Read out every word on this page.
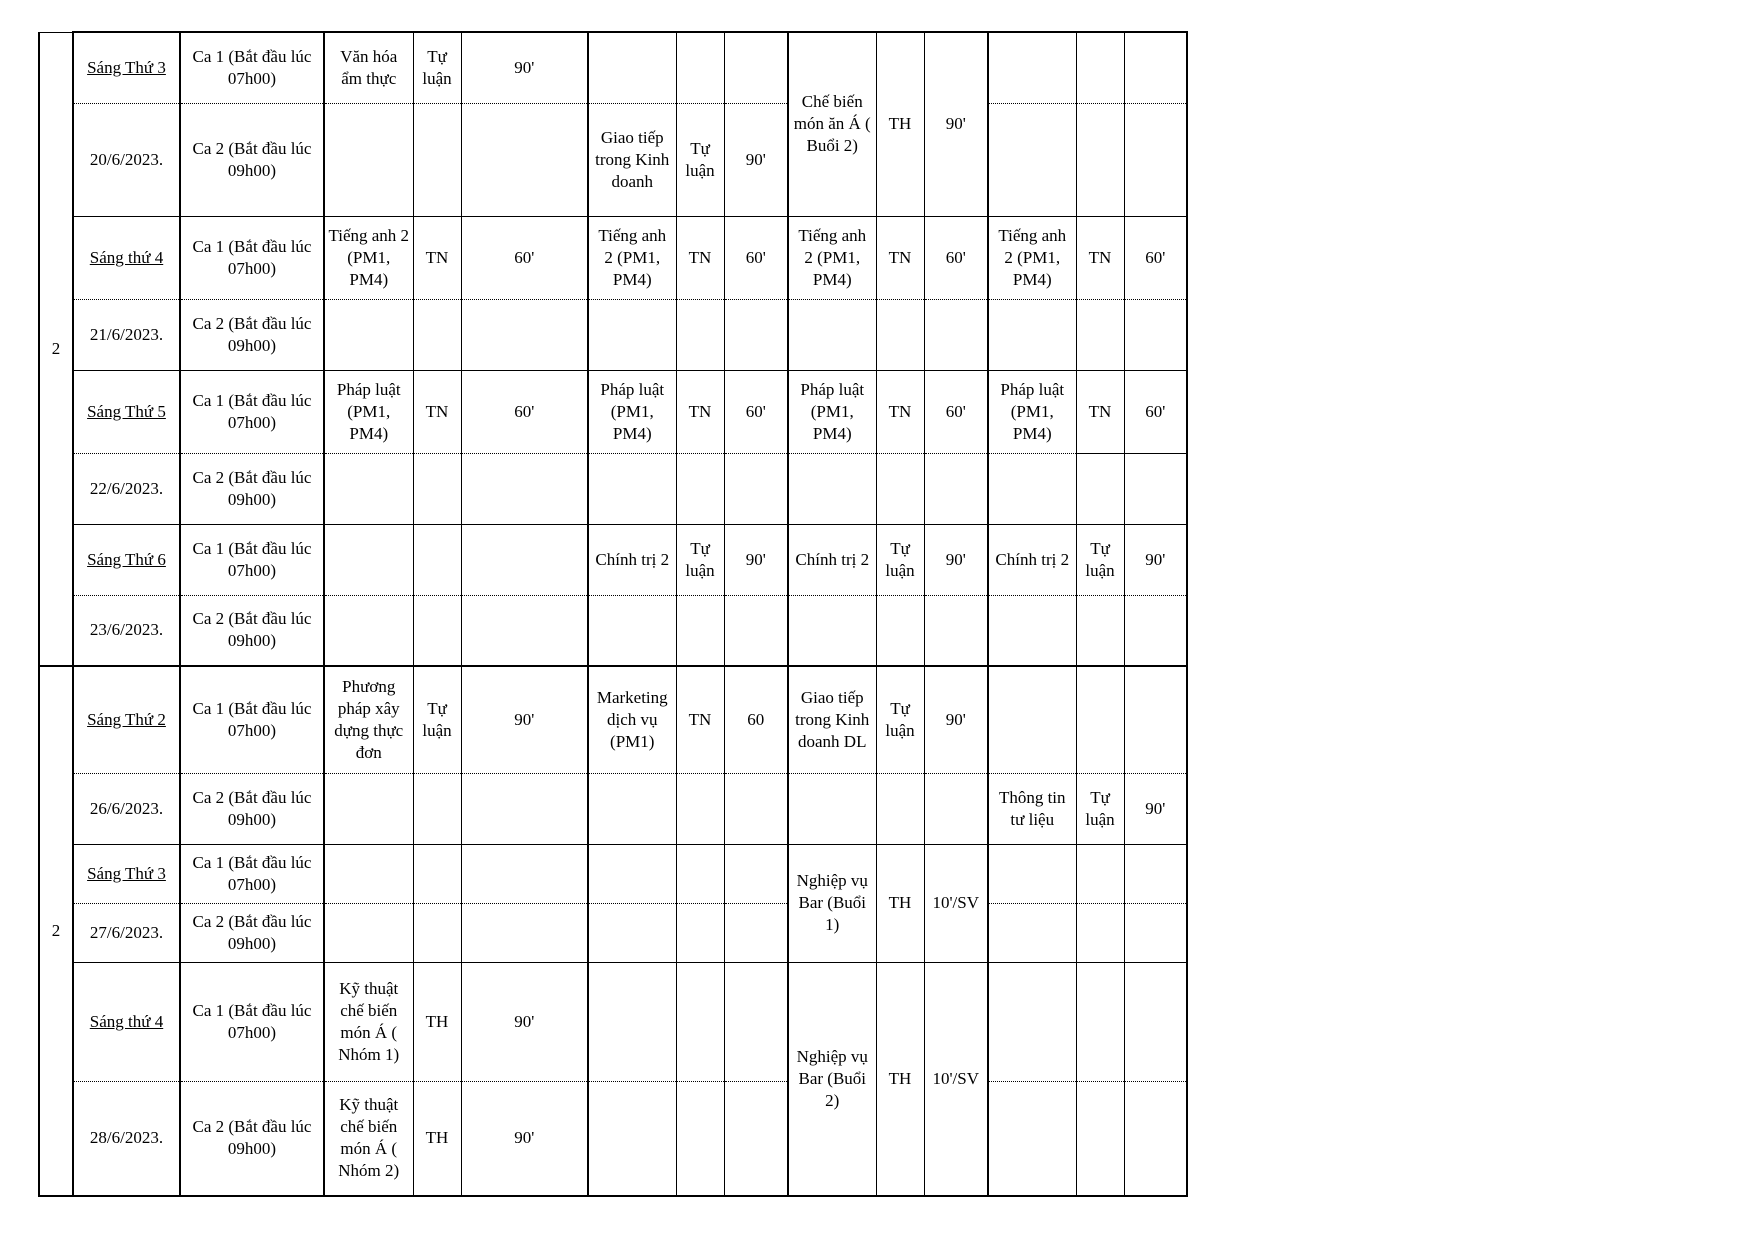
2	Sáng Thứ 3	Ca 1 (Bắt đầu lúc 07h00)	Văn hóa ẩm thực	Tự luận	90'				Chế biến món ăn Á ( Buổi 2)	TH	90'			
	20/6/2023.	Ca 2 (Bắt đầu lúc 09h00)				Giao tiếp trong Kinh doanh	Tự luận	90'						
	Sáng thứ 4	Ca 1 (Bắt đầu lúc 07h00)	Tiếng anh 2 (PM1, PM4)	TN	60'	Tiếng anh 2 (PM1, PM4)	TN	60'	Tiếng anh 2 (PM1, PM4)	TN	60'	Tiếng anh 2 (PM1, PM4)	TN	60'
	21/6/2023.	Ca 2 (Bắt đầu lúc 09h00)												
	Sáng Thứ 5	Ca 1 (Bắt đầu lúc 07h00)	Pháp luật (PM1, PM4)	TN	60'	Pháp luật (PM1, PM4)	TN	60'	Pháp luật (PM1, PM4)	TN	60'	Pháp luật (PM1, PM4)	TN	60'
	22/6/2023.	Ca 2 (Bắt đầu lúc 09h00)												
	Sáng Thứ 6	Ca 1 (Bắt đầu lúc 07h00)				Chính trị 2	Tự luận	90'	Chính trị 2	Tự luận	90'	Chính trị 2	Tự luận	90'
	23/6/2023.	Ca 2 (Bắt đầu lúc 09h00)												
2	Sáng Thứ 2	Ca 1 (Bắt đầu lúc 07h00)	Phương pháp xây dựng thực đơn	Tự luận	90'	Marketing dịch vụ (PM1)	TN	60	Giao tiếp trong Kinh doanh DL	Tự luận	90'			
	26/6/2023.	Ca 2 (Bắt đầu lúc 09h00)										Thông tin tư liệu	Tự luận	90'
	Sáng Thứ 3	Ca 1 (Bắt đầu lúc 07h00)							Nghiệp vụ Bar (Buổi 1)	TH	10'/SV			
	27/6/2023.	Ca 2 (Bắt đầu lúc 09h00)												
	Sáng thứ 4	Ca 1 (Bắt đầu lúc 07h00)	Kỹ thuật chế biến món Á ( Nhóm 1)	TH	90'				Nghiệp vụ Bar (Buổi 2)	TH	10'/SV			
	28/6/2023.	Ca 2 (Bắt đầu lúc 09h00)	Kỹ thuật chế biến món Á ( Nhóm 2)	TH	90'									
